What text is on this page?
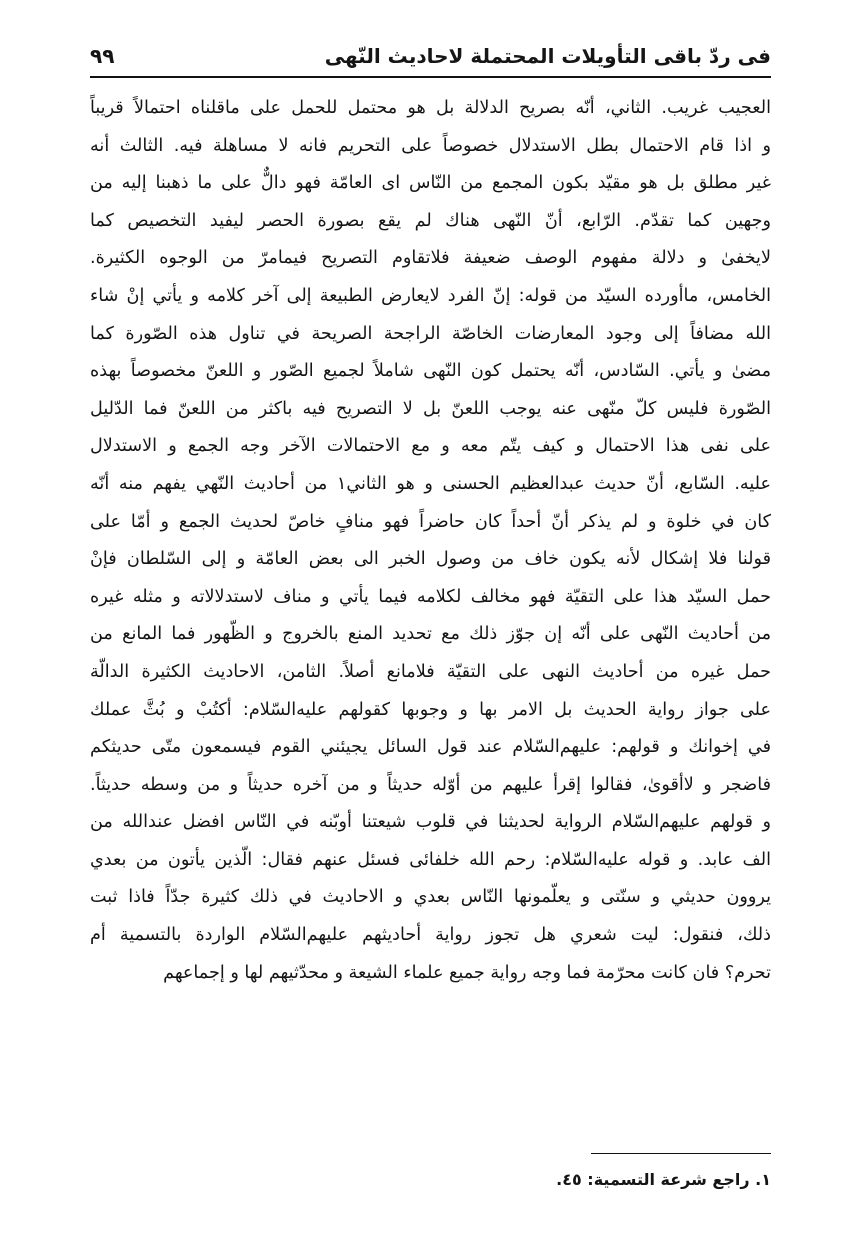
فى ردّ باقى التأويلات المحتملة لاحاديث النّهى
٩٩
العجيب غريب. الثاني، أنّه بصريح الدلالة بل هو محتمل للحمل على ماقلناه احتمالاً قريباً
و اذا قام الاحتمال بطل الاستدلال خصوصاً على التحريم فانه لا مساهلة فيه. الثالث أنه
غير مطلق بل هو مقيّد بكون المجمع من النّاس اى العامّة فهو دالٌّ على ما ذهبنا إليه من
وجهين كما تقدّم. الرّابع، أنّ النّهى هناك لم يقع بصورة الحصر ليفيد التخصيص كما
لايخفىٰ و دلالة مفهوم الوصف ضعيفة فلاتقاوم التصريح فيمامرّ من الوجوه الكثيرة.
الخامس، ماأورده السيّد من قوله: إنّ الفرد لايعارض الطبيعة إلى آخر كلامه و يأتي إنْ شاء
الله مضافاً إلى وجود المعارضات الخاصّة الراجحة الصريحة في تناول هذه الصّورة كما
مضىٰ و يأتي. السّادس، أنّه يحتمل كون النّهى شاملاً لجميع الصّور و اللعنّ مخصوصاً بهذه
الصّورة فليس كلّ منّهى عنه يوجب اللعنّ بل لا التصريح فيه باكثر من اللعنّ فما الدّليل
على نفى هذا الاحتمال و كيف يتّم معه و مع الاحتمالات الآخر وجه الجمع و الاستدلال
عليه. السّابع، أنّ حديث عبدالعظيم الحسنى و هو الثاني١ من أحاديث النّهي يفهم منه أنّه
كان في خلوة و لم يذكر أنّ أحداً كان حاضراً فهو منافٍ خاصّ لحديث الجمع و أمّا على
قولنا فلا إشكال لأنه يكون خاف من وصول الخبر الى بعض العامّة و إلى السّلطان فإنْ
حمل السيّد هذا على التقيّة فهو مخالف لكلامه فيما يأتي و مناف لاستدلالاته و مثله غيره
من أحاديث النّهى على أنّه إن جوّز ذلك مع تحديد المنع بالخروج و الظّهور فما المانع من
حمل غيره من أحاديث النهى على التقيّة فلامانع أصلاً. الثامن، الاحاديث الكثيرة الدالّة
على جواز رواية الحديث بل الامر بها و وجوبها كقولهم عليه‌السّلام: أكتُبْ و بُثَّ عملك
في إخوانك و قولهم: عليهم‌السّلام عند قول السائل يجيئني القوم فيسمعون متّى حديثكم
فاضجر و لاأقوىٰ، فقالوا إقرأ عليهم من أوّله حديثاً و من آخره حديثاً و من وسطه حديثاً.
و قولهم عليهم‌السّلام الرواية لحديثنا في قلوب شيعتنا أوبّنه في النّاس افضل عندالله من
الف عابد. و قوله عليه‌السّلام: رحم الله خلفائى فسئل عنهم فقال: الّذين يأتون من بعدي
يروون حديثي و سنّتى و يعلّمونها النّاس بعدي و الاحاديث في ذلك كثيرة جدّاً فاذا ثبت
ذلك، فنقول: ليت شعري هل تجوز رواية أحاديثهم عليهم‌السّلام الواردة بالتسمية أم
تحرم؟ فان كانت محرّمة فما وجه رواية جميع علماء الشيعة و محدّثيهم لها و إجماعهم
١. راجع شرعة التسمية: ٤٥.
